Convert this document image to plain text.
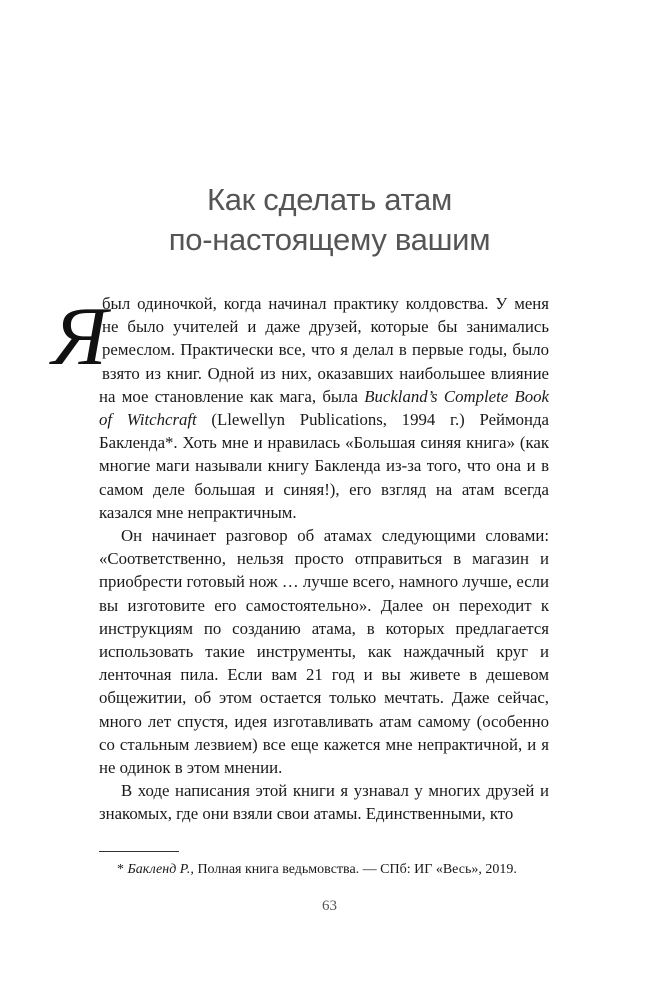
Как сделать атам
по-настоящему вашим

Я
был одиночкой, когда начинал практику колдовства. У меня не было учителей и даже друзей, которые бы занимались ремеслом. Практически все, что я делал в первые годы, было взято из книг. Одной из них, оказавших наибольшее влияние на мое становление как мага, была Buckland’s Complete Book of Witchcraft (Llewellyn Publications, 1994 г.) Реймонда Бакленда*. Хоть мне и нравилась «Большая синяя книга» (как многие маги называли книгу Бакленда из-за того, что она и в самом деле большая и синяя!), его взгляд на атам всегда казался мне непрактичным.

Он начинает разговор об атамах следующими словами: «Соответственно, нельзя просто отправиться в магазин и приобрести готовый нож … лучше всего, намного лучше, если вы изготовите его самостоятельно». Далее он переходит к инструкциям по созданию атама, в которых предлагается использовать такие инструменты, как наждачный круг и ленточная пила. Если вам 21 год и вы живете в дешевом общежитии, об этом остается только мечтать. Даже сейчас, много лет спустя, идея изготавливать атам самому (особенно со стальным лезвием) все еще кажется мне непрактичной, и я не одинок в этом мнении.

В ходе написания этой книги я узнавал у многих друзей и знакомых, где они взяли свои атамы. Единственными, кто

* Бакленд Р., Полная книга ведьмовства. — СПб: ИГ «Весь», 2019.
63
